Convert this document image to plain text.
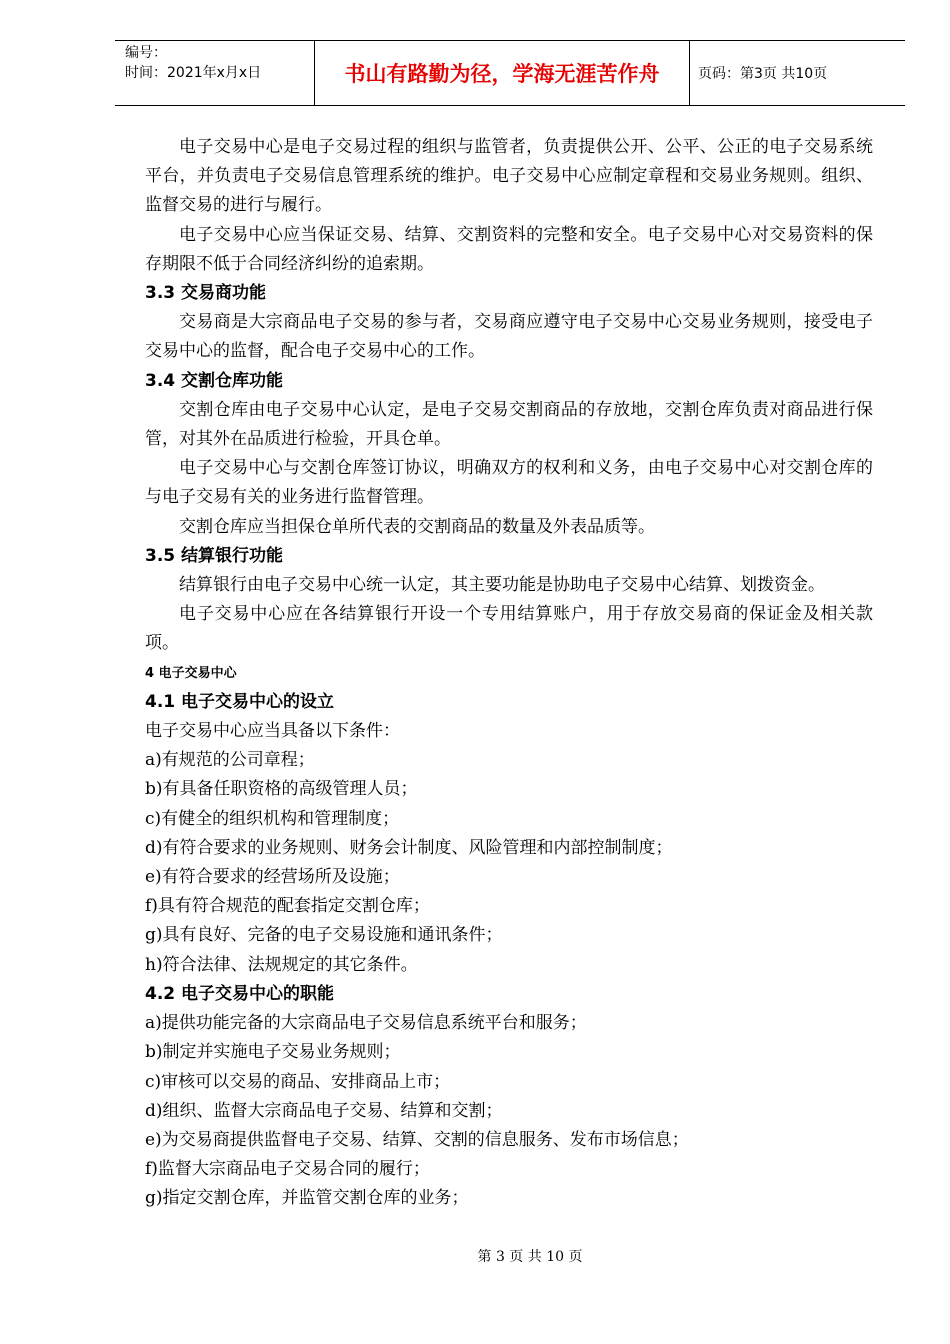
编号：
时间：2021年x月x日	书山有路勤为径，学海无涯苦作舟	页码：第3页 共10页

电子交易中心是电子交易过程的组织与监管者，负责提供公开、公平、公正的电子交易系统平台，并负责电子交易信息管理系统的维护。电子交易中心应制定章程和交易业务规则。组织、监督交易的进行与履行。

电子交易中心应当保证交易、结算、交割资料的完整和安全。电子交易中心对交易资料的保存期限不低于合同经济纠纷的追索期。

3.3 交易商功能

交易商是大宗商品电子交易的参与者，交易商应遵守电子交易中心交易业务规则，接受电子交易中心的监督，配合电子交易中心的工作。

3.4 交割仓库功能

交割仓库由电子交易中心认定，是电子交易交割商品的存放地，交割仓库负责对商品进行保管，对其外在品质进行检验，开具仓单。

电子交易中心与交割仓库签订协议，明确双方的权利和义务，由电子交易中心对交割仓库的与电子交易有关的业务进行监督管理。

交割仓库应当担保仓单所代表的交割商品的数量及外表品质等。

3.5 结算银行功能

结算银行由电子交易中心统一认定，其主要功能是协助电子交易中心结算、划拨资金。

电子交易中心应在各结算银行开设一个专用结算账户，用于存放交易商的保证金及相关款项。

4 电子交易中心

4.1 电子交易中心的设立

电子交易中心应当具备以下条件：

a)有规范的公司章程；

b)有具备任职资格的高级管理人员；

c)有健全的组织机构和管理制度；

d)有符合要求的业务规则、财务会计制度、风险管理和内部控制制度；

e)有符合要求的经营场所及设施；

f)具有符合规范的配套指定交割仓库；

g)具有良好、完备的电子交易设施和通讯条件；

h)符合法律、法规规定的其它条件。

4.2 电子交易中心的职能

a)提供功能完备的大宗商品电子交易信息系统平台和服务；

b)制定并实施电子交易业务规则；

c)审核可以交易的商品、安排商品上市；

d)组织、监督大宗商品电子交易、结算和交割；

e)为交易商提供监督电子交易、结算、交割的信息服务、发布市场信息；

f)监督大宗商品电子交易合同的履行；

g)指定交割仓库，并监管交割仓库的业务；

第 3 页 共 10 页
